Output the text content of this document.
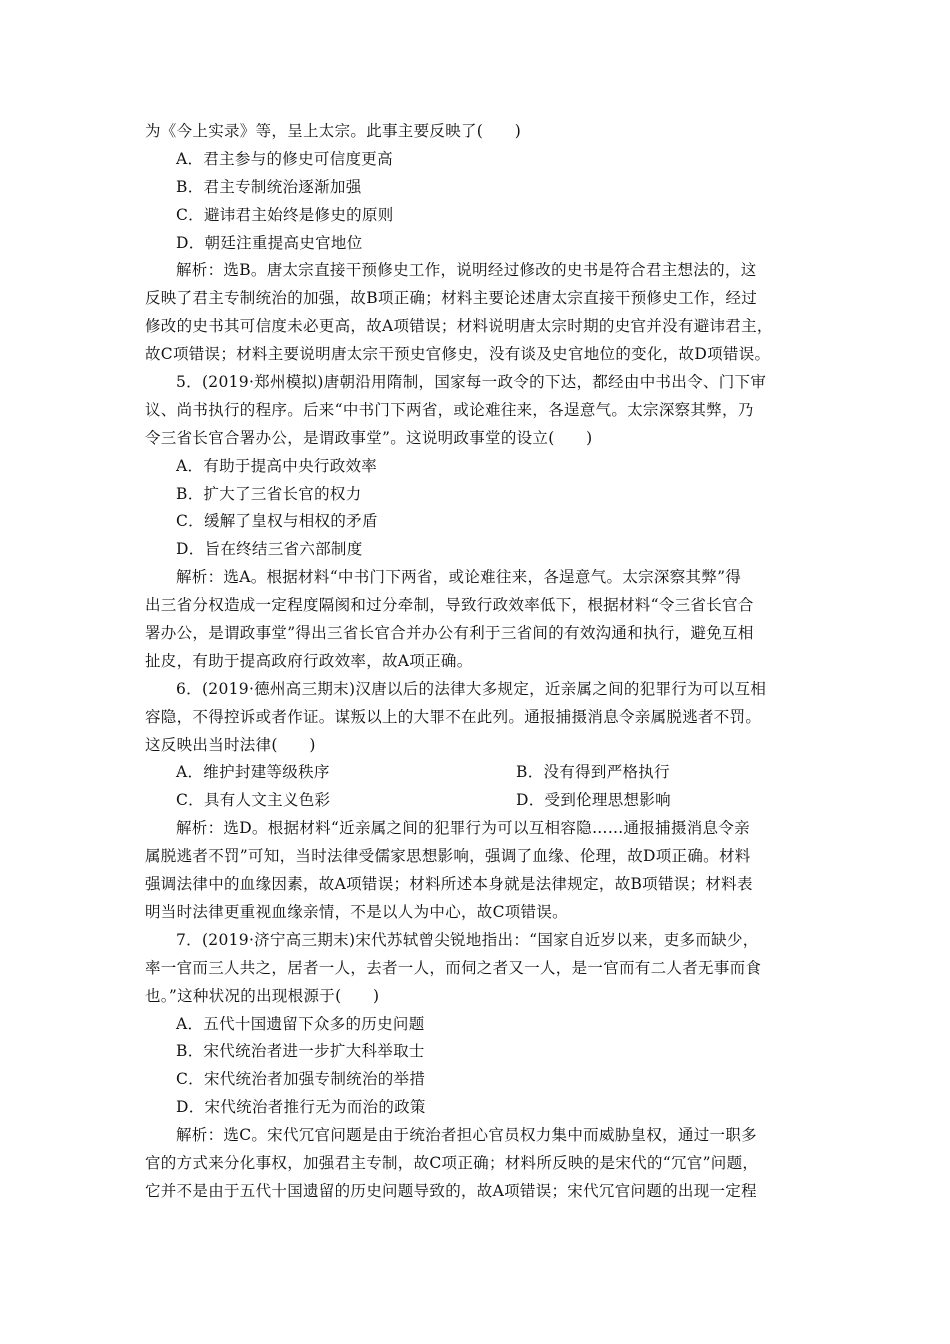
为《今上实录》等，呈上太宗。此事主要反映了(　　)
A．君主参与的修史可信度更高
B．君主专制统治逐渐加强
C．避讳君主始终是修史的原则
D．朝廷注重提高史官地位
解析：选B。唐太宗直接干预修史工作，说明经过修改的史书是符合君主想法的，这
反映了君主专制统治的加强，故B项正确；材料主要论述唐太宗直接干预修史工作，经过
修改的史书其可信度未必更高，故A项错误；材料说明唐太宗时期的史官并没有避讳君主，
故C项错误；材料主要说明唐太宗干预史官修史，没有谈及史官地位的变化，故D项错误。
5．(2019·郑州模拟)唐朝沿用隋制，国家每一政令的下达，都经由中书出令、门下审
议、尚书执行的程序。后来“中书门下两省，或论难往来，各逞意气。太宗深察其弊，乃
令三省长官合署办公，是谓政事堂”。这说明政事堂的设立(　　)
A．有助于提高中央行政效率
B．扩大了三省长官的权力
C．缓解了皇权与相权的矛盾
D．旨在终结三省六部制度
解析：选A。根据材料“中书门下两省，或论难往来，各逞意气。太宗深察其弊”得
出三省分权造成一定程度隔阂和过分牵制，导致行政效率低下，根据材料“令三省长官合
署办公，是谓政事堂”得出三省长官合并办公有利于三省间的有效沟通和执行，避免互相
扯皮，有助于提高政府行政效率，故A项正确。
6．(2019·德州高三期末)汉唐以后的法律大多规定，近亲属之间的犯罪行为可以互相
容隐，不得控诉或者作证。谋叛以上的大罪不在此列。通报捕摄消息令亲属脱逃者不罚。
这反映出当时法律(　　)
A．维护封建等级秩序	B．没有得到严格执行
C．具有人文主义色彩	D．受到伦理思想影响
解析：选D。根据材料“近亲属之间的犯罪行为可以互相容隐……通报捕摄消息令亲
属脱逃者不罚”可知，当时法律受儒家思想影响，强调了血缘、伦理，故D项正确。材料
强调法律中的血缘因素，故A项错误；材料所述本身就是法律规定，故B项错误；材料表
明当时法律更重视血缘亲情，不是以人为中心，故C项错误。
7．(2019·济宁高三期末)宋代苏轼曾尖锐地指出：“国家自近岁以来，吏多而缺少，
率一官而三人共之，居者一人，去者一人，而伺之者又一人，是一官而有二人者无事而食
也。”这种状况的出现根源于(　　)
A．五代十国遗留下众多的历史问题
B．宋代统治者进一步扩大科举取士
C．宋代统治者加强专制统治的举措
D．宋代统治者推行无为而治的政策
解析：选C。宋代冗官问题是由于统治者担心官员权力集中而威胁皇权，通过一职多
官的方式来分化事权，加强君主专制，故C项正确；材料所反映的是宋代的“冗官”问题，
它并不是由于五代十国遗留的历史问题导致的，故A项错误；宋代冗官问题的出现一定程
